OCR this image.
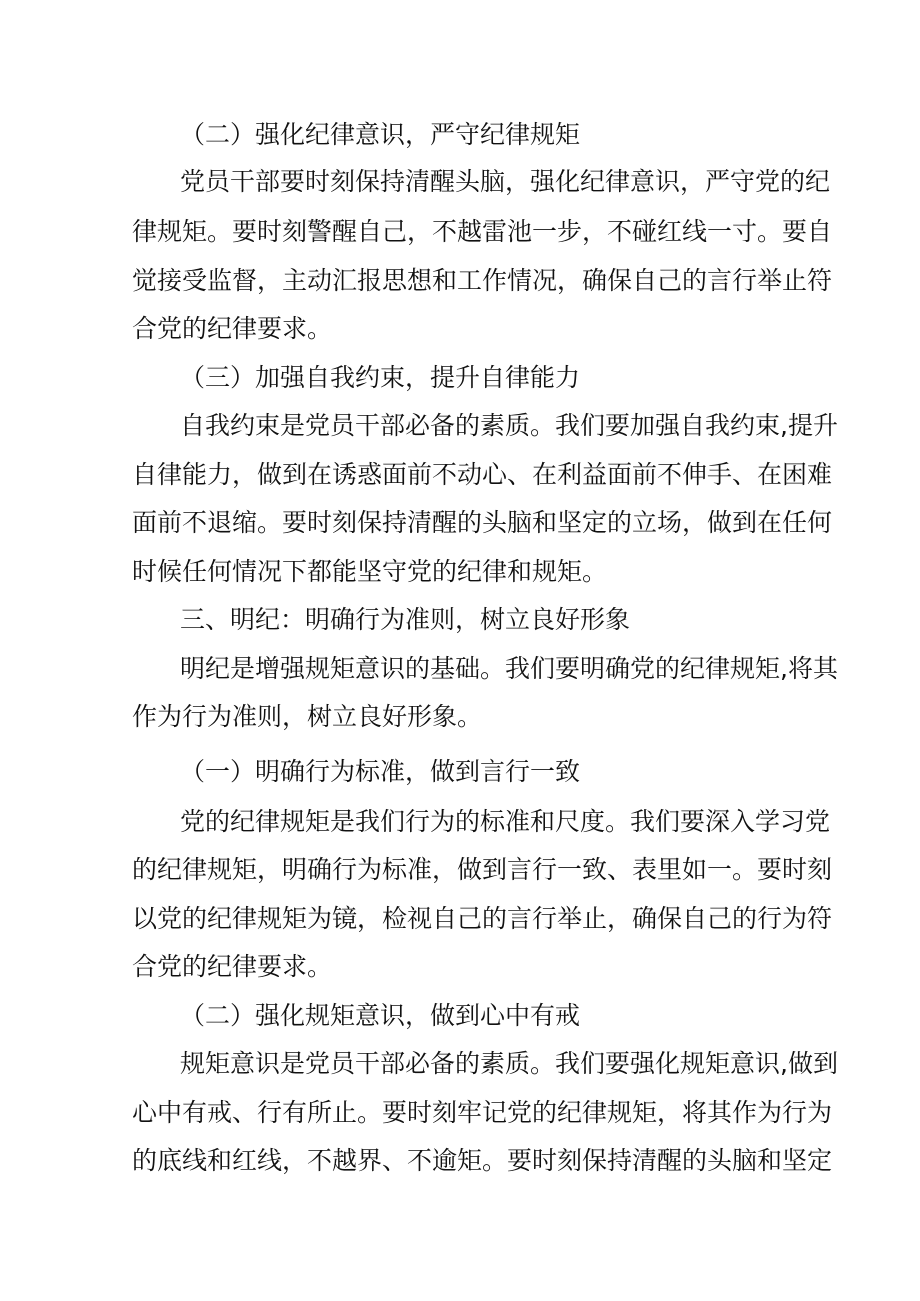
（二）强化纪律意识，严守纪律规矩
党员干部要时刻保持清醒头脑，强化纪律意识，严守党的纪
律规矩。要时刻警醒自己，不越雷池一步，不碰红线一寸。要自
觉接受监督，主动汇报思想和工作情况，确保自己的言行举止符
合党的纪律要求。
（三）加强自我约束，提升自律能力
自我约束是党员干部必备的素质。我们要加强自我约束,提升
自律能力，做到在诱惑面前不动心、在利益面前不伸手、在困难
面前不退缩。要时刻保持清醒的头脑和坚定的立场，做到在任何
时候任何情况下都能坚守党的纪律和规矩。
三、明纪：明确行为准则，树立良好形象
明纪是增强规矩意识的基础。我们要明确党的纪律规矩,将其
作为行为准则，树立良好形象。
（一）明确行为标准，做到言行一致
党的纪律规矩是我们行为的标准和尺度。我们要深入学习党
的纪律规矩，明确行为标准，做到言行一致、表里如一。要时刻
以党的纪律规矩为镜，检视自己的言行举止，确保自己的行为符
合党的纪律要求。
（二）强化规矩意识，做到心中有戒
规矩意识是党员干部必备的素质。我们要强化规矩意识,做到
心中有戒、行有所止。要时刻牢记党的纪律规矩，将其作为行为
的底线和红线，不越界、不逾矩。要时刻保持清醒的头脑和坚定
